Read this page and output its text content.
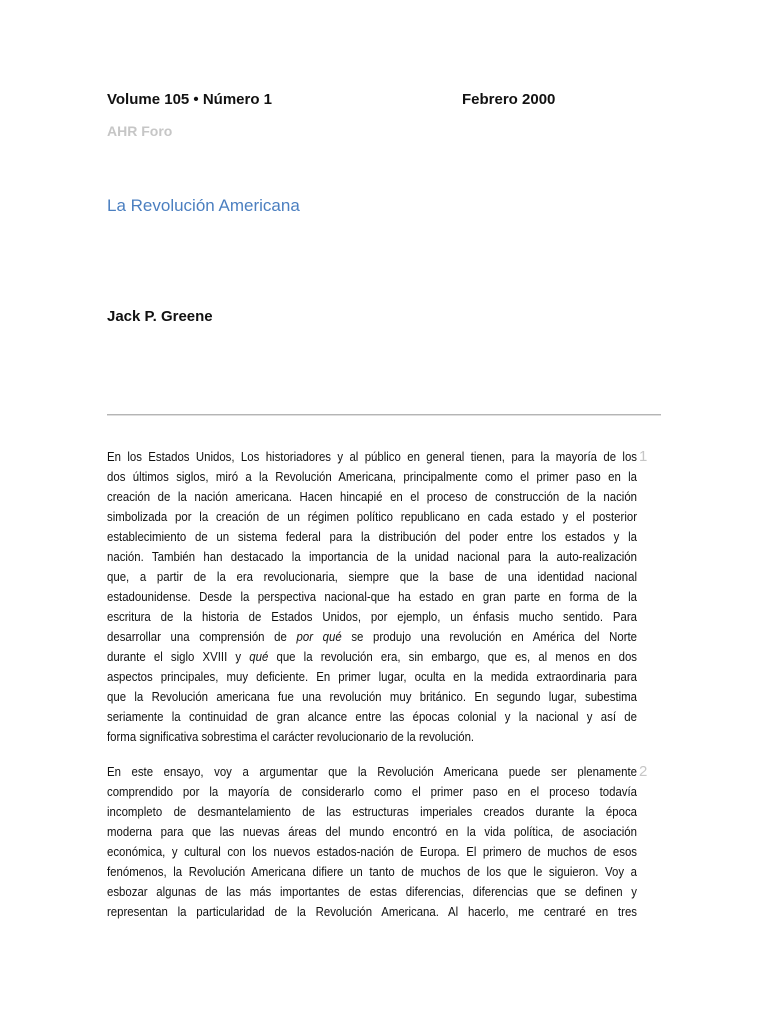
Volume 105 • Número 1	Febrero 2000
AHR Foro
La Revolución Americana
Jack P. Greene
En los Estados Unidos, Los historiadores y al público en general tienen, para la mayoría de los
dos últimos siglos, miró a la Revolución Americana, principalmente como el primer paso en la
creación de la nación americana. Hacen hincapié en el proceso de construcción de la nación
simbolizada por la creación de un régimen político republicano en cada estado y el posterior
establecimiento de un sistema federal para la distribución del poder entre los estados y la
nación. También han destacado la importancia de la unidad nacional para la auto-realización
que, a partir de la era revolucionaria, siempre que la base de una identidad nacional
estadounidense. Desde la perspectiva nacional-que ha estado en gran parte en forma de la
escritura de la historia de Estados Unidos, por ejemplo, un énfasis mucho sentido. Para
desarrollar una comprensión de por qué se produjo una revolución en América del Norte
durante el siglo XVIII y qué que la revolución era, sin embargo, que es, al menos en dos
aspectos principales, muy deficiente. En primer lugar, oculta en la medida extraordinaria para
que la Revolución americana fue una revolución muy británico. En segundo lugar, subestima
seriamente la continuidad de gran alcance entre las épocas colonial y la nacional y así de
forma significativa sobrestima el carácter revolucionario de la revolución.
1
En este ensayo, voy a argumentar que la Revolución Americana puede ser plenamente
comprendido por la mayoría de considerarlo como el primer paso en el proceso todavía
incompleto de desmantelamiento de las estructuras imperiales creados durante la época
moderna para que las nuevas áreas del mundo encontró en la vida política, de asociación
económica, y cultural con los nuevos estados-nación de Europa. El primero de muchos de esos
fenómenos, la Revolución Americana difiere un tanto de muchos de los que le siguieron. Voy a
esbozar algunas de las más importantes de estas diferencias, diferencias que se definen y
representan la particularidad de la Revolución Americana. Al hacerlo, me centraré en tres
2
